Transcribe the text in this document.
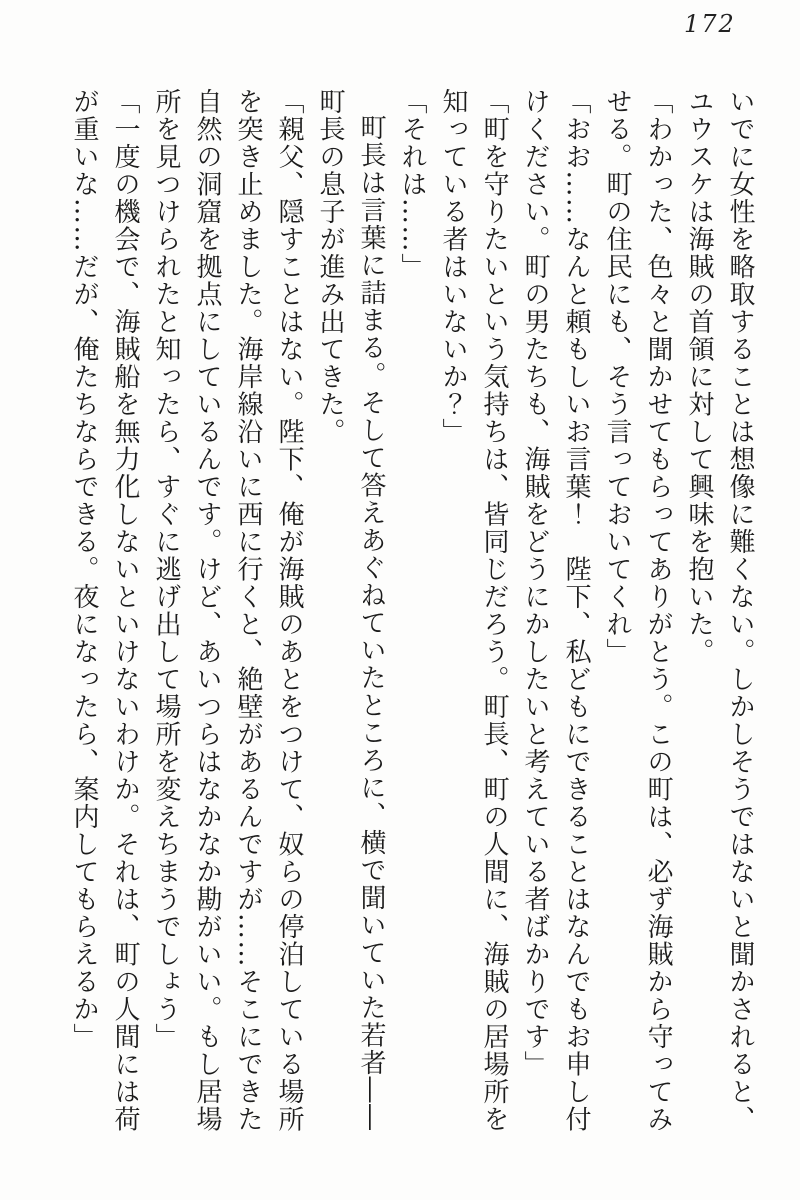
172

いでに女性を略取することは想像に難くない。しかしそうではないと聞かされると、ユウスケは海賊の首領に対して興味を抱いた。

「わかった、色々と聞かせてもらってありがとう。この町は、必ず海賊から守ってみせる。町の住民にも、そう言っておいてくれ」

「おお……なんと頼もしいお言葉！　陛下、私どもにできることはなんでもお申し付けください。町の男たちも、海賊をどうにかしたいと考えている者ばかりです」

「町を守りたいという気持ちは、皆同じだろう。町長、町の人間に、海賊の居場所を知っている者はいないか？」

「それは……」

町長は言葉に詰まる。そして答えあぐねていたところに、横で聞いていた若者――町長の息子が進み出てきた。

「親父、隠すことはない。陛下、俺が海賊のあとをつけて、奴らの停泊している場所を突き止めました。海岸線沿いに西に行くと、絶壁があるんですが……そこにできた自然の洞窟を拠点にしているんです。けど、あいつらはなかなか勘がいい。もし居場所を見つけられたと知ったら、すぐに逃げ出して場所を変えちまうでしょう」

「一度の機会で、海賊船を無力化しないといけないわけか。それは、町の人間には荷が重いな……だが、俺たちならできる。夜になったら、案内してもらえるか」
